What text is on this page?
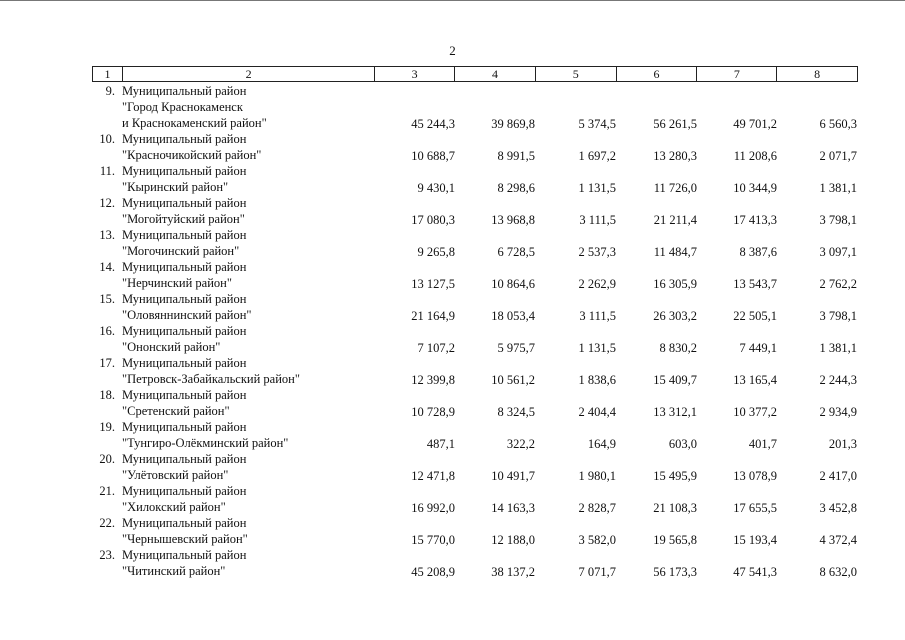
2
1	2	3	4	5	6	7	8
9. Муниципальный район
"Город Краснокаменск
и Краснокаменский район"	45 244,3	39 869,8	5 374,5	56 261,5	49 701,2	6 560,3
10. Муниципальный район
"Красночикойский район"	10 688,7	8 991,5	1 697,2	13 280,3	11 208,6	2 071,7
11. Муниципальный район
"Кыринский район"	9 430,1	8 298,6	1 131,5	11 726,0	10 344,9	1 381,1
12. Муниципальный район
"Могойтуйский район"	17 080,3	13 968,8	3 111,5	21 211,4	17 413,3	3 798,1
13. Муниципальный район
"Могочинский район"	9 265,8	6 728,5	2 537,3	11 484,7	8 387,6	3 097,1
14. Муниципальный район
"Нерчинский район"	13 127,5	10 864,6	2 262,9	16 305,9	13 543,7	2 762,2
15. Муниципальный район
"Оловяннинский район"	21 164,9	18 053,4	3 111,5	26 303,2	22 505,1	3 798,1
16. Муниципальный район
"Ононский район"	7 107,2	5 975,7	1 131,5	8 830,2	7 449,1	1 381,1
17. Муниципальный район
"Петровск-Забайкальский район"	12 399,8	10 561,2	1 838,6	15 409,7	13 165,4	2 244,3
18. Муниципальный район
"Сретенский район"	10 728,9	8 324,5	2 404,4	13 312,1	10 377,2	2 934,9
19. Муниципальный район
"Тунгиро-Олёкминский район"	487,1	322,2	164,9	603,0	401,7	201,3
20. Муниципальный район
"Улётовский район"	12 471,8	10 491,7	1 980,1	15 495,9	13 078,9	2 417,0
21. Муниципальный район
"Хилокский район"	16 992,0	14 163,3	2 828,7	21 108,3	17 655,5	3 452,8
22. Муниципальный район
"Чернышевский район"	15 770,0	12 188,0	3 582,0	19 565,8	15 193,4	4 372,4
23. Муниципальный район
"Читинский район"	45 208,9	38 137,2	7 071,7	56 173,3	47 541,3	8 632,0
